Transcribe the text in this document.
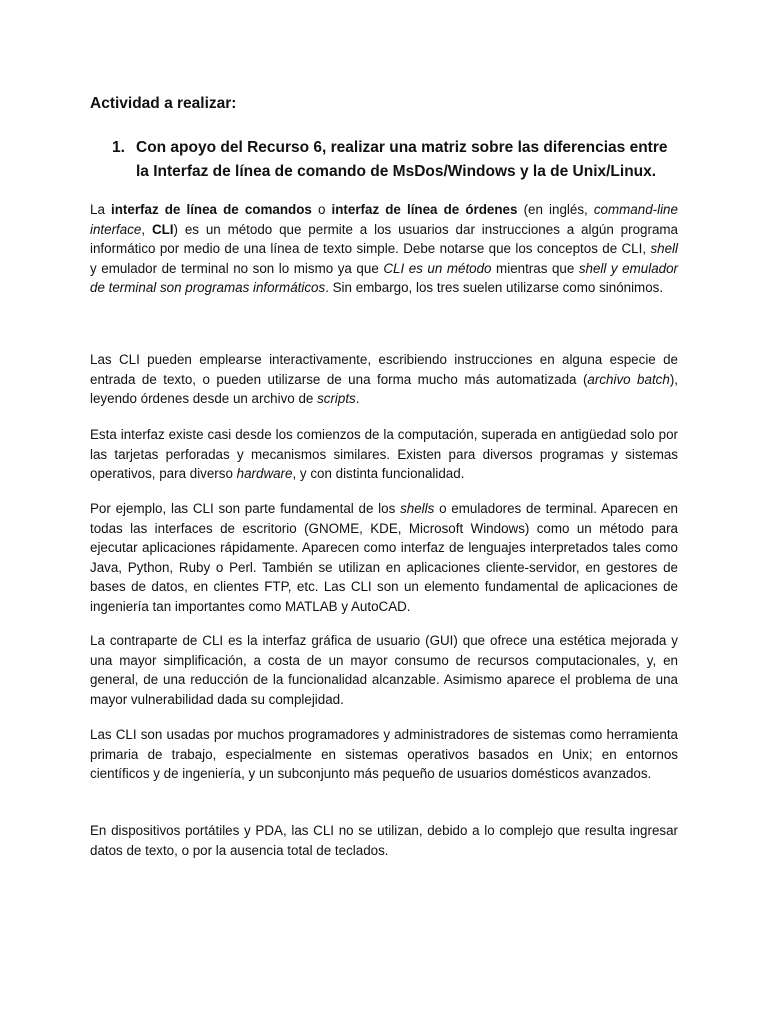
Actividad a realizar:
1. Con apoyo del Recurso 6, realizar una matriz sobre las diferencias entre la Interfaz de línea de comando de MsDos/Windows y la de Unix/Linux.

La interfaz de línea de comandos o interfaz de línea de órdenes (en inglés, command-line interface, CLI) es un método que permite a los usuarios dar instrucciones a algún programa informático por medio de una línea de texto simple. Debe notarse que los conceptos de CLI, shell y emulador de terminal no son lo mismo ya que CLI es un método mientras que shell y emulador de terminal son programas informáticos. Sin embargo, los tres suelen utilizarse como sinónimos.

Las CLI pueden emplearse interactivamente, escribiendo instrucciones en alguna especie de entrada de texto, o pueden utilizarse de una forma mucho más automatizada (archivo batch), leyendo órdenes desde un archivo de scripts.

Esta interfaz existe casi desde los comienzos de la computación, superada en antigüedad solo por las tarjetas perforadas y mecanismos similares. Existen para diversos programas y sistemas operativos, para diverso hardware, y con distinta funcionalidad.

Por ejemplo, las CLI son parte fundamental de los shells o emuladores de terminal. Aparecen en todas las interfaces de escritorio (GNOME, KDE, Microsoft Windows) como un método para ejecutar aplicaciones rápidamente. Aparecen como interfaz de lenguajes interpretados tales como Java, Python, Ruby o Perl. También se utilizan en aplicaciones cliente-servidor, en gestores de bases de datos, en clientes FTP, etc. Las CLI son un elemento fundamental de aplicaciones de ingeniería tan importantes como MATLAB y AutoCAD.

La contraparte de CLI es la interfaz gráfica de usuario (GUI) que ofrece una estética mejorada y una mayor simplificación, a costa de un mayor consumo de recursos computacionales, y, en general, de una reducción de la funcionalidad alcanzable. Asimismo aparece el problema de una mayor vulnerabilidad dada su complejidad.

Las CLI son usadas por muchos programadores y administradores de sistemas como herramienta primaria de trabajo, especialmente en sistemas operativos basados en Unix; en entornos científicos y de ingeniería, y un subconjunto más pequeño de usuarios domésticos avanzados.

En dispositivos portátiles y PDA, las CLI no se utilizan, debido a lo complejo que resulta ingresar datos de texto, o por la ausencia total de teclados.
